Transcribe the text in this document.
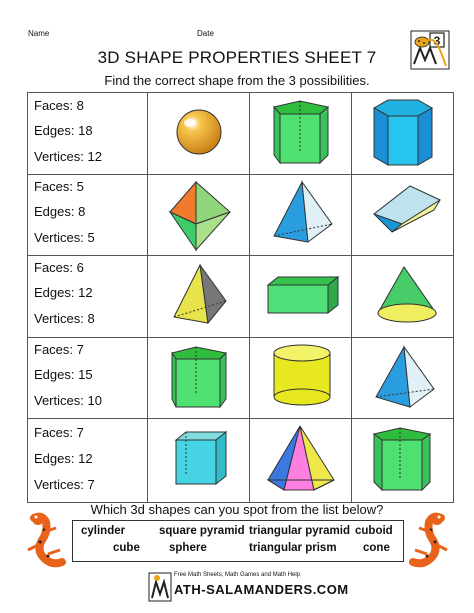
Name	Date
3
3D SHAPE PROPERTIES SHEET 7
Find the correct shape from the 3 possibilities.
Faces: 8
Edges: 18
Vertices: 12
Faces: 5
Edges: 8
Vertices: 5
Faces: 6
Edges: 12
Vertices: 8
Faces: 7
Edges: 15
Vertices: 10
Faces: 7
Edges: 12
Vertices: 7
Which 3d shapes can you spot from the list below?
cylinder	square pyramid triangular pyramid cuboid
cube	sphere	triangular prism cone
Free Math Sheets, Math Games and Math Help
ATH-SALAMANDERS.COM
